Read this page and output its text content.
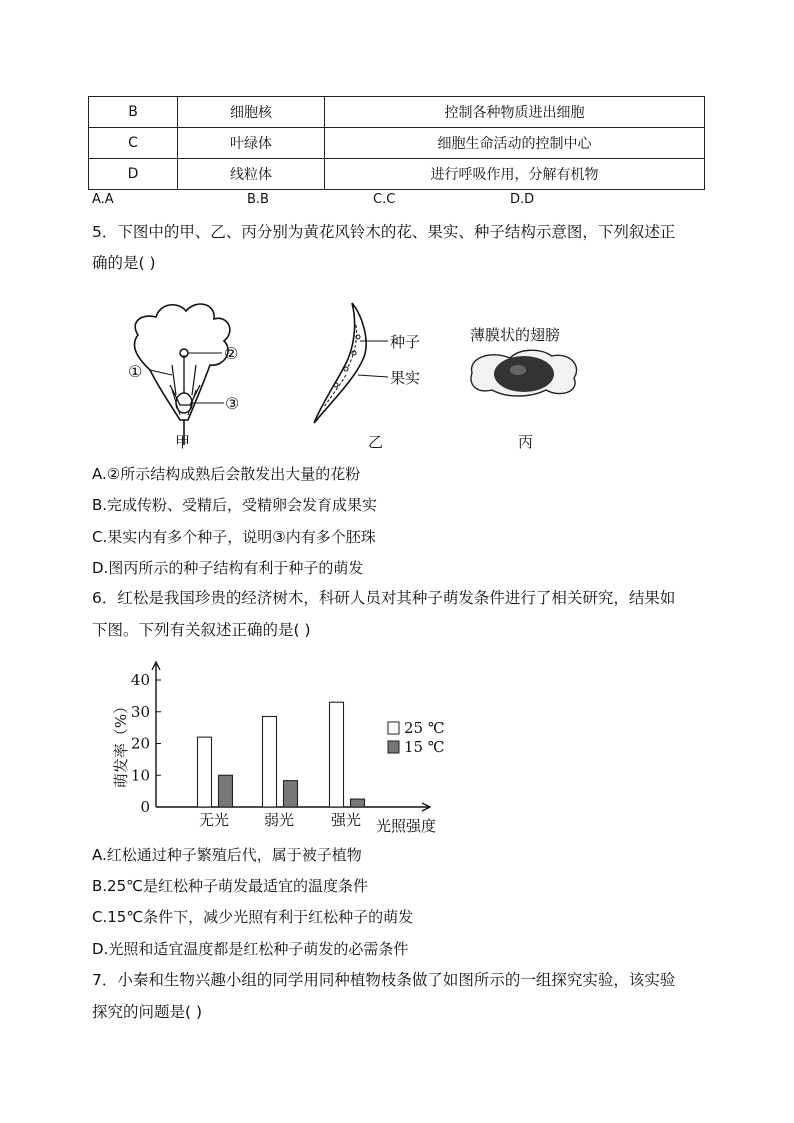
B	细胞核	控制各种物质进出细胞
C	叶绿体	细胞生命活动的控制中心
D	线粒体	进行呼吸作用，分解有机物
A.A	B.B	C.C	D.D
5．下图中的甲、乙、丙分别为黄花风铃木的花、果实、种子结构示意图，下列叙述正
确的是( )
①
②
③
种子
果实
薄膜状的翅膀
甲	乙	丙
A.②所示结构成熟后会散发出大量的花粉
B.完成传粉、受精后，受精卵会发育成果实
C.果实内有多个种子，说明③内有多个胚珠
D.图丙所示的种子结构有利于种子的萌发
6．红松是我国珍贵的经济树木，科研人员对其种子萌发条件进行了相关研究，结果如
下图。下列有关叙述正确的是( )
0
10
20
30
40
萌发率（%）
无光 弱光 强光 光照强度
25 ℃
15 ℃
A.红松通过种子繁殖后代，属于被子植物
B.25℃是红松种子萌发最适宜的温度条件
C.15℃条件下，减少光照有利于红松种子的萌发
D.光照和适宜温度都是红松种子萌发的必需条件
7．小秦和生物兴趣小组的同学用同种植物枝条做了如图所示的一组探究实验，该实验
探究的问题是( )
